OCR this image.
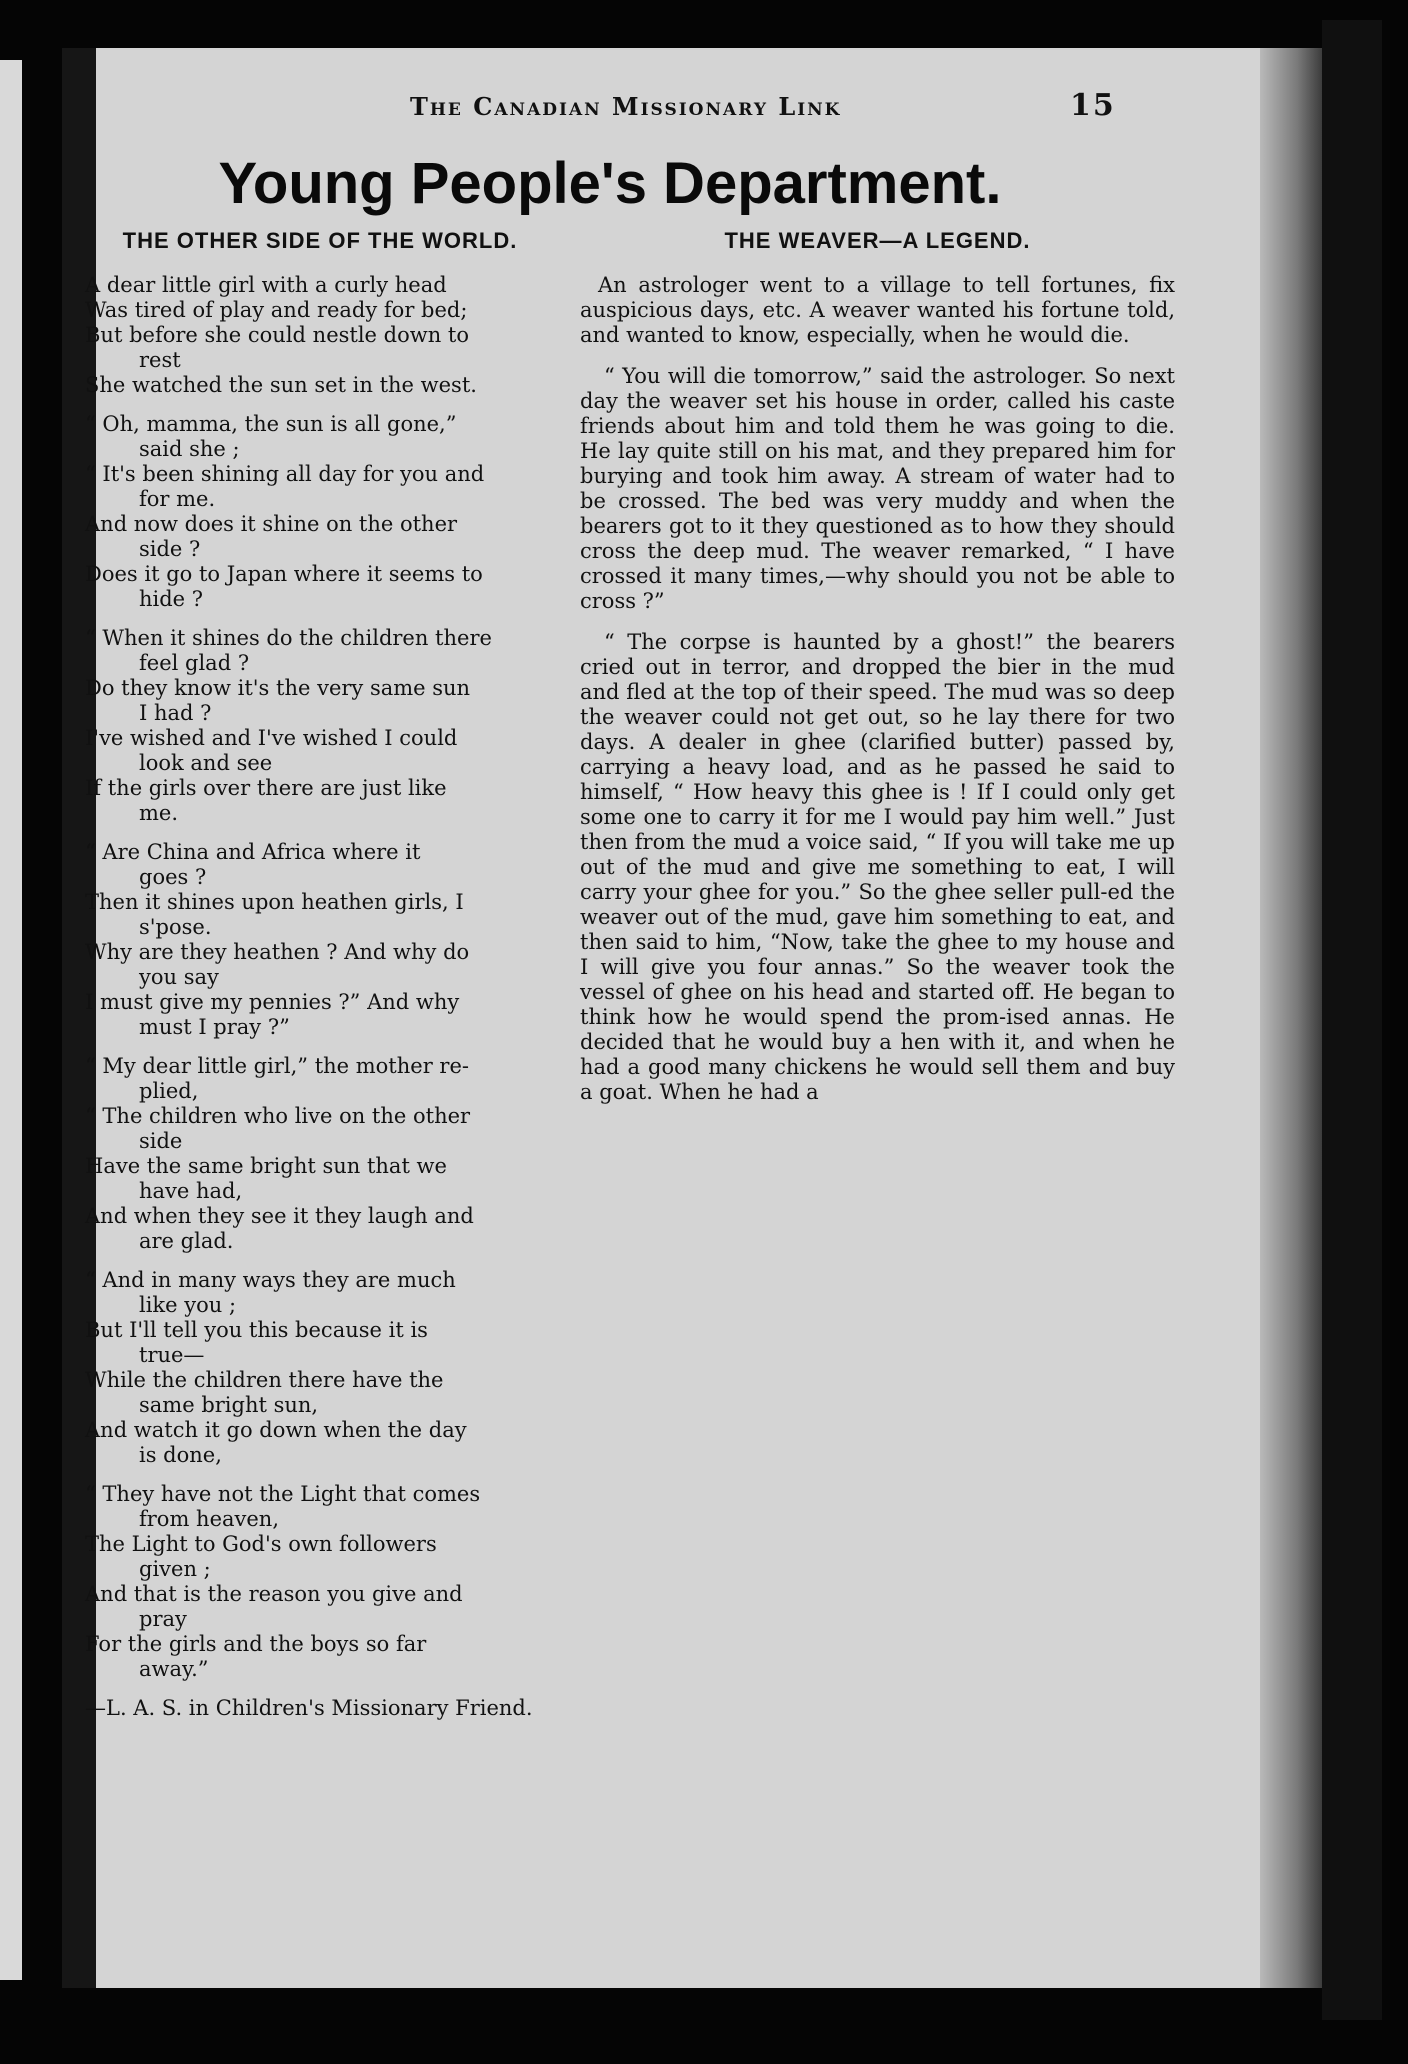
The Canadian Missionary Link	15
Young People's Department.
THE OTHER SIDE OF THE WORLD.

A dear little girl with a curly head
Was tired of play and ready for bed;
But before she could nestle down to
rest
She watched the sun set in the west.

“ Oh, mamma, the sun is all gone,”
said she ;
“ It's been shining all day for you and
for me.
And now does it shine on the other
side ?
Does it go to Japan where it seems to
hide ?

“ When it shines do the children there
feel glad ?
Do they know it's the very same sun
I had ?
I've wished and I've wished I could
look and see
If the girls over there are just like
me.

“ Are China and Africa where it
goes ?
Then it shines upon heathen girls, I
s'pose.
Why are they heathen ? And why do
you say
I must give my pennies ?” And why
must I pray ?”

“ My dear little girl,” the mother re-
plied,
“ The children who live on the other
side
Have the same bright sun that we
have had,
And when they see it they laugh and
are glad.

“ And in many ways they are much
like you ;
But I'll tell you this because it is
true—
While the children there have the
same bright sun,
And watch it go down when the day
is done,

“ They have not the Light that comes
from heaven,
The Light to God's own followers
given ;
And that is the reason you give and
pray
For the girls and the boys so far
away.”

—L. A. S. in Children's Missionary Friend.
THE WEAVER—A LEGEND.

An astrologer went to a village to tell fortunes, fix auspicious days, etc. A weaver wanted his fortune told, and wanted to know, especially, when he would die.

“ You will die tomorrow,” said the astrologer. So next day the weaver set his house in order, called his caste friends about him and told them he was going to die. He lay quite still on his mat, and they prepared him for burying and took him away. A stream of water had to be crossed. The bed was very muddy and when the bearers got to it they questioned as to how they should cross the deep mud. The weaver remarked, “ I have crossed it many times,—why should you not be able to cross ?”

“ The corpse is haunted by a ghost!” the bearers cried out in terror, and dropped the bier in the mud and fled at the top of their speed. The mud was so deep the weaver could not get out, so he lay there for two days. A dealer in ghee (clarified butter) passed by, carrying a heavy load, and as he passed he said to himself, “ How heavy this ghee is ! If I could only get some one to carry it for me I would pay him well.” Just then from the mud a voice said, “ If you will take me up out of the mud and give me something to eat, I will carry your ghee for you.” So the ghee seller pull-ed the weaver out of the mud, gave him something to eat, and then said to him, “Now, take the ghee to my house and I will give you four annas.” So the weaver took the vessel of ghee on his head and started off. He began to think how he would spend the prom-ised annas. He decided that he would buy a hen with it, and when he had a good many chickens he would sell them and buy a goat. When he had a
